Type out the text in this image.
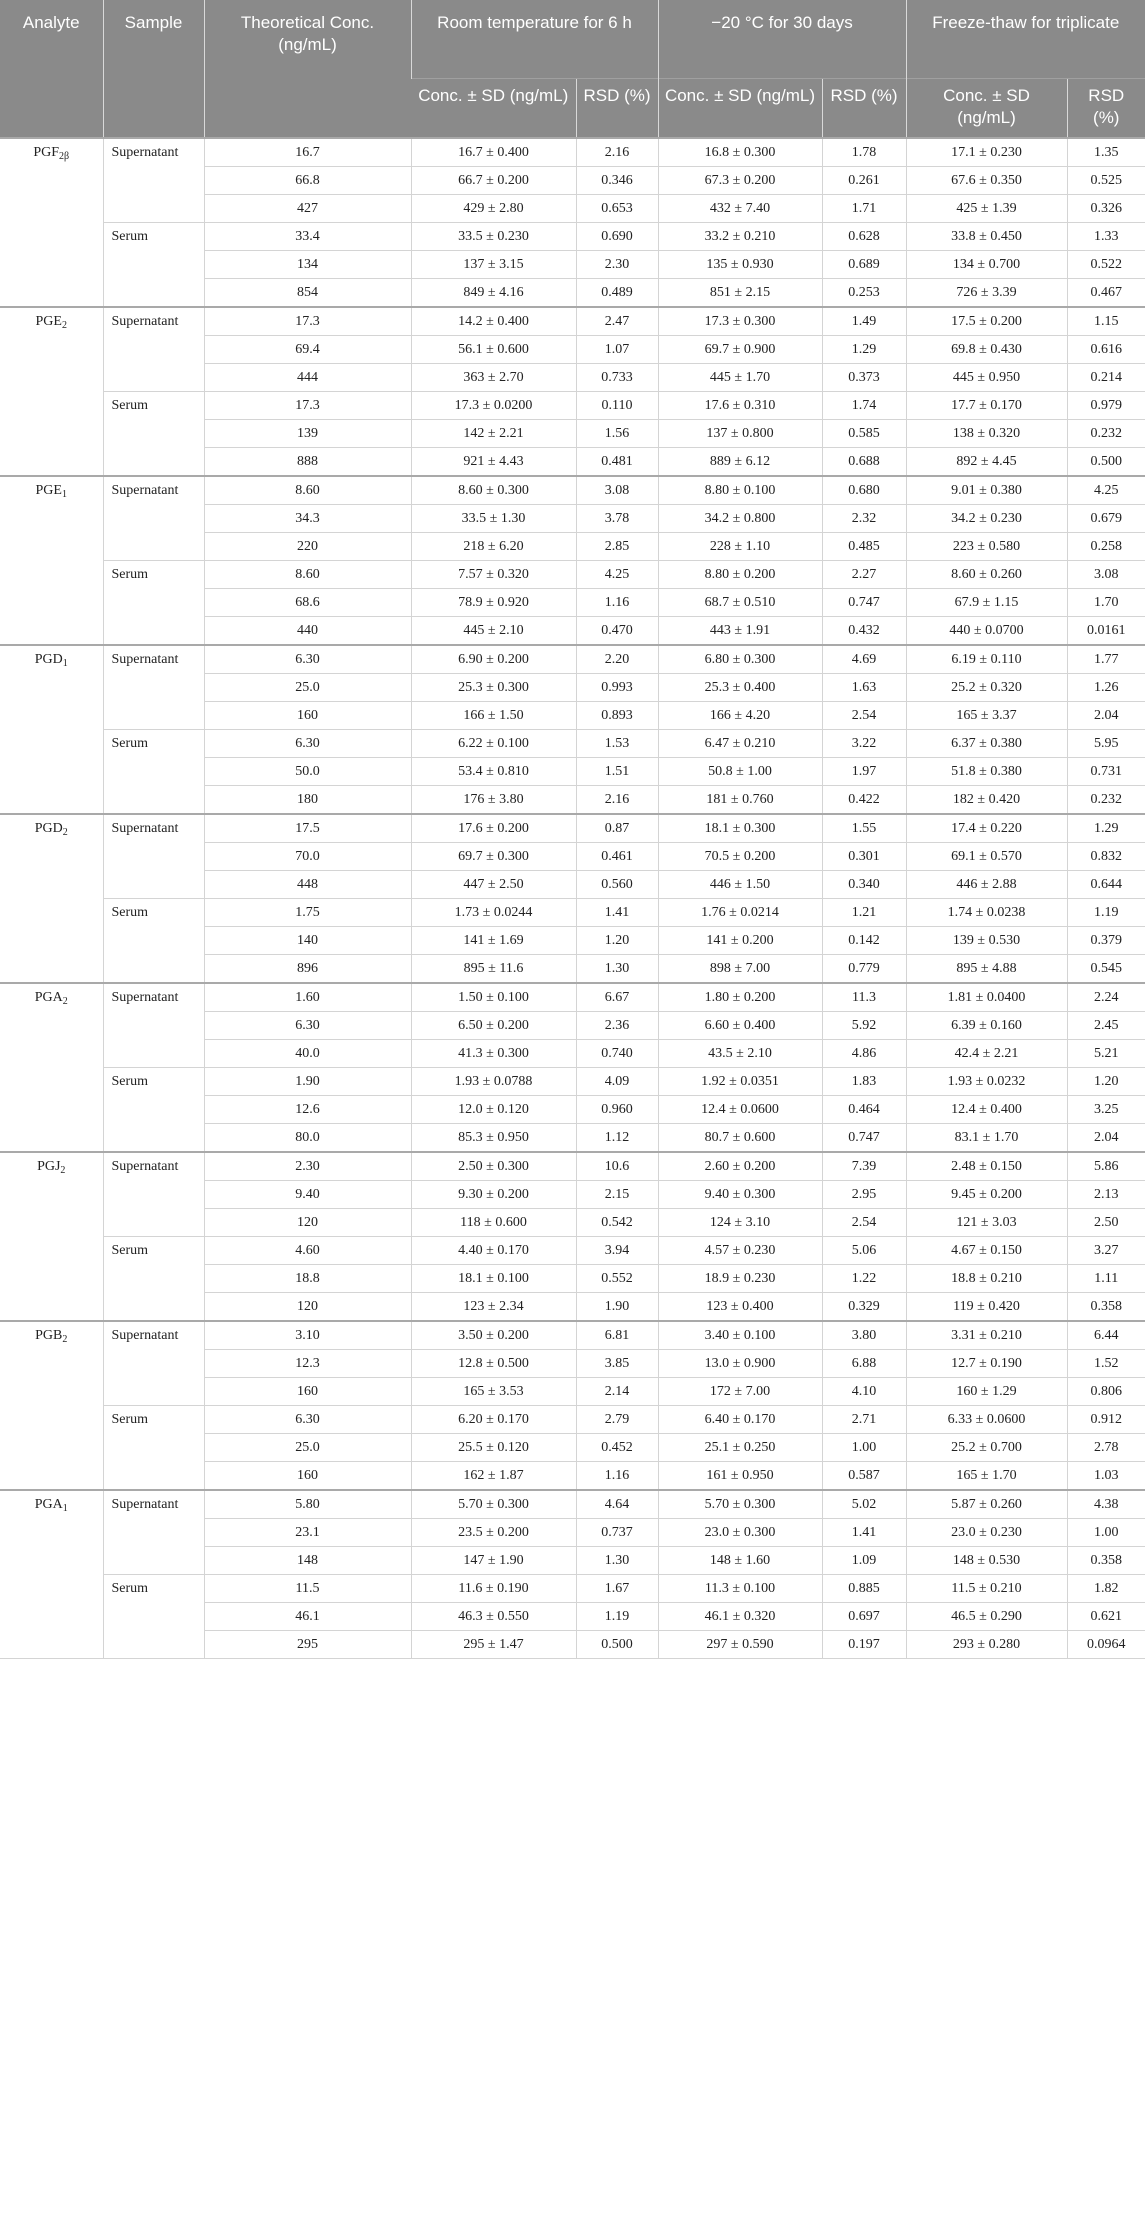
Analyte	Sample	Theoretical Conc. (ng/mL)	Room temperature for 6 h		−20 °C for 30 days		Freeze-thaw for triplicate	
			Conc. ± SD (ng/mL)	RSD (%)	Conc. ± SD (ng/mL)	RSD (%)	Conc. ± SD (ng/mL)	RSD (%)
$PGF_{2\beta}$	Supernatant	16.7	16.7 ± 0.400	2.16	16.8 ± 0.300	1.78	17.1 ± 0.230	1.35
		66.8	66.7 ± 0.200	0.346	67.3 ± 0.200	0.261	67.6 ± 0.350	0.525
		427	429 ± 2.80	0.653	432 ± 7.40	1.71	425 ± 1.39	0.326
	Serum	33.4	33.5 ± 0.230	0.690	33.2 ± 0.210	0.628	33.8 ± 0.450	1.33
		134	137 ± 3.15	2.30	135 ± 0.930	0.689	134 ± 0.700	0.522
		854	849 ± 4.16	0.489	851 ± 2.15	0.253	726 ± 3.39	0.467
$PGE_2$	Supernatant	17.3	14.2 ± 0.400	2.47	17.3 ± 0.300	1.49	17.5 ± 0.200	1.15
		69.4	56.1 ± 0.600	1.07	69.7 ± 0.900	1.29	69.8 ± 0.430	0.616
		444	363 ± 2.70	0.733	445 ± 1.70	0.373	445 ± 0.950	0.214
	Serum	17.3	17.3 ± 0.0200	0.110	17.6 ± 0.310	1.74	17.7 ± 0.170	0.979
		139	142 ± 2.21	1.56	137 ± 0.800	0.585	138 ± 0.320	0.232
		888	921 ± 4.43	0.481	889 ± 6.12	0.688	892 ± 4.45	0.500
$PGE_1$	Supernatant	8.60	8.60 ± 0.300	3.08	8.80 ± 0.100	0.680	9.01 ± 0.380	4.25
		34.3	33.5 ± 1.30	3.78	34.2 ± 0.800	2.32	34.2 ± 0.230	0.679
		220	218 ± 6.20	2.85	228 ± 1.10	0.485	223 ± 0.580	0.258
	Serum	8.60	7.57 ± 0.320	4.25	8.80 ± 0.200	2.27	8.60 ± 0.260	3.08
		68.6	78.9 ± 0.920	1.16	68.7 ± 0.510	0.747	67.9 ± 1.15	1.70
		440	445 ± 2.10	0.470	443 ± 1.91	0.432	440 ± 0.0700	0.0161
$PGD_1$	Supernatant	6.30	6.90 ± 0.200	2.20	6.80 ± 0.300	4.69	6.19 ± 0.110	1.77
		25.0	25.3 ± 0.300	0.993	25.3 ± 0.400	1.63	25.2 ± 0.320	1.26
		160	166 ± 1.50	0.893	166 ± 4.20	2.54	165 ± 3.37	2.04
	Serum	6.30	6.22 ± 0.100	1.53	6.47 ± 0.210	3.22	6.37 ± 0.380	5.95
		50.0	53.4 ± 0.810	1.51	50.8 ± 1.00	1.97	51.8 ± 0.380	0.731
		180	176 ± 3.80	2.16	181 ± 0.760	0.422	182 ± 0.420	0.232
$PGD_2$	Supernatant	17.5	17.6 ± 0.200	0.87	18.1 ± 0.300	1.55	17.4 ± 0.220	1.29
		70.0	69.7 ± 0.300	0.461	70.5 ± 0.200	0.301	69.1 ± 0.570	0.832
		448	447 ± 2.50	0.560	446 ± 1.50	0.340	446 ± 2.88	0.644
	Serum	1.75	1.73 ± 0.0244	1.41	1.76 ± 0.0214	1.21	1.74 ± 0.0238	1.19
		140	141 ± 1.69	1.20	141 ± 0.200	0.142	139 ± 0.530	0.379
		896	895 ± 11.6	1.30	898 ± 7.00	0.779	895 ± 4.88	0.545
$PGA_2$	Supernatant	1.60	1.50 ± 0.100	6.67	1.80 ± 0.200	11.3	1.81 ± 0.0400	2.24
		6.30	6.50 ± 0.200	2.36	6.60 ± 0.400	5.92	6.39 ± 0.160	2.45
		40.0	41.3 ± 0.300	0.740	43.5 ± 2.10	4.86	42.4 ± 2.21	5.21
	Serum	1.90	1.93 ± 0.0788	4.09	1.92 ± 0.0351	1.83	1.93 ± 0.0232	1.20
		12.6	12.0 ± 0.120	0.960	12.4 ± 0.0600	0.464	12.4 ± 0.400	3.25
		80.0	85.3 ± 0.950	1.12	80.7 ± 0.600	0.747	83.1 ± 1.70	2.04
$PGJ_2$	Supernatant	2.30	2.50 ± 0.300	10.6	2.60 ± 0.200	7.39	2.48 ± 0.150	5.86
		9.40	9.30 ± 0.200	2.15	9.40 ± 0.300	2.95	9.45 ± 0.200	2.13
		120	118 ± 0.600	0.542	124 ± 3.10	2.54	121 ± 3.03	2.50
	Serum	4.60	4.40 ± 0.170	3.94	4.57 ± 0.230	5.06	4.67 ± 0.150	3.27
		18.8	18.1 ± 0.100	0.552	18.9 ± 0.230	1.22	18.8 ± 0.210	1.11
		120	123 ± 2.34	1.90	123 ± 0.400	0.329	119 ± 0.420	0.358
$PGB_2$	Supernatant	3.10	3.50 ± 0.200	6.81	3.40 ± 0.100	3.80	3.31 ± 0.210	6.44
		12.3	12.8 ± 0.500	3.85	13.0 ± 0.900	6.88	12.7 ± 0.190	1.52
		160	165 ± 3.53	2.14	172 ± 7.00	4.10	160 ± 1.29	0.806
	Serum	6.30	6.20 ± 0.170	2.79	6.40 ± 0.170	2.71	6.33 ± 0.0600	0.912
		25.0	25.5 ± 0.120	0.452	25.1 ± 0.250	1.00	25.2 ± 0.700	2.78
		160	162 ± 1.87	1.16	161 ± 0.950	0.587	165 ± 1.70	1.03
$PGA_1$	Supernatant	5.80	5.70 ± 0.300	4.64	5.70 ± 0.300	5.02	5.87 ± 0.260	4.38
		23.1	23.5 ± 0.200	0.737	23.0 ± 0.300	1.41	23.0 ± 0.230	1.00
		148	147 ± 1.90	1.30	148 ± 1.60	1.09	148 ± 0.530	0.358
	Serum	11.5	11.6 ± 0.190	1.67	11.3 ± 0.100	0.885	11.5 ± 0.210	1.82
		46.1	46.3 ± 0.550	1.19	46.1 ± 0.320	0.697	46.5 ± 0.290	0.621
		295	295 ± 1.47	0.500	297 ± 0.590	0.197	293 ± 0.280	0.0964
